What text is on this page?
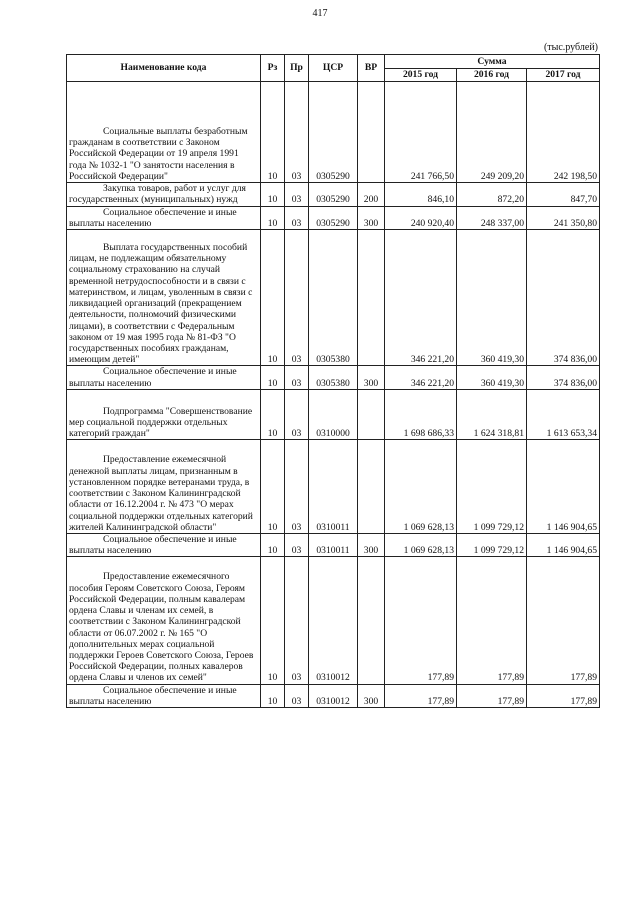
417
(тыс.рублей)
Наименование кода	Рз	Пр	ЦСР	ВР	Сумма		
					2015 год	2016 год	2017 год
Социальные выплаты безработным гражданам в соответствии с Законом Российской Федерации от 19 апреля 1991 года № 1032-1 "О занятости населения в Российской Федерации"	10	03	0305290		241 766,50	249 209,20	242 198,50
Закупка товаров, работ и услуг для государственных (муниципальных) нужд	10	03	0305290	200	846,10	872,20	847,70
Социальное обеспечение и иные выплаты населению	10	03	0305290	300	240 920,40	248 337,00	241 350,80
Выплата государственных пособий лицам, не подлежащим обязательному социальному страхованию на случай временной нетрудоспособности и в связи с материнством, и лицам, уволенным в связи с ликвидацией организаций (прекращением деятельности, полномочий физическими лицами), в соответствии с Федеральным законом от 19 мая 1995 года № 81-ФЗ "О государственных пособиях гражданам, имеющим детей"	10	03	0305380		346 221,20	360 419,30	374 836,00
Социальное обеспечение и иные выплаты населению	10	03	0305380	300	346 221,20	360 419,30	374 836,00
Подпрограмма "Совершенствование мер социальной поддержки отдельных категорий граждан"	10	03	0310000		1 698 686,33	1 624 318,81	1 613 653,34
Предоставление ежемесячной денежной выплаты лицам, признанным в установленном порядке ветеранами труда, в соответствии с Законом Калининградской области от 16.12.2004 г. № 473 "О мерах социальной поддержки отдельных категорий жителей Калининградской области"	10	03	0310011		1 069 628,13	1 099 729,12	1 146 904,65
Социальное обеспечение и иные выплаты населению	10	03	0310011	300	1 069 628,13	1 099 729,12	1 146 904,65
Предоставление ежемесячного пособия Героям Советского Союза, Героям Российской Федерации, полным кавалерам ордена Славы и членам их семей, в соответствии с Законом Калининградской области от 06.07.2002 г. № 165 "О дополнительных мерах социальной поддержки Героев Советского Союза, Героев Российской Федерации, полных кавалеров ордена Славы и членов их семей"	10	03	0310012		177,89	177,89	177,89
Социальное обеспечение и иные выплаты населению	10	03	0310012	300	177,89	177,89	177,89
